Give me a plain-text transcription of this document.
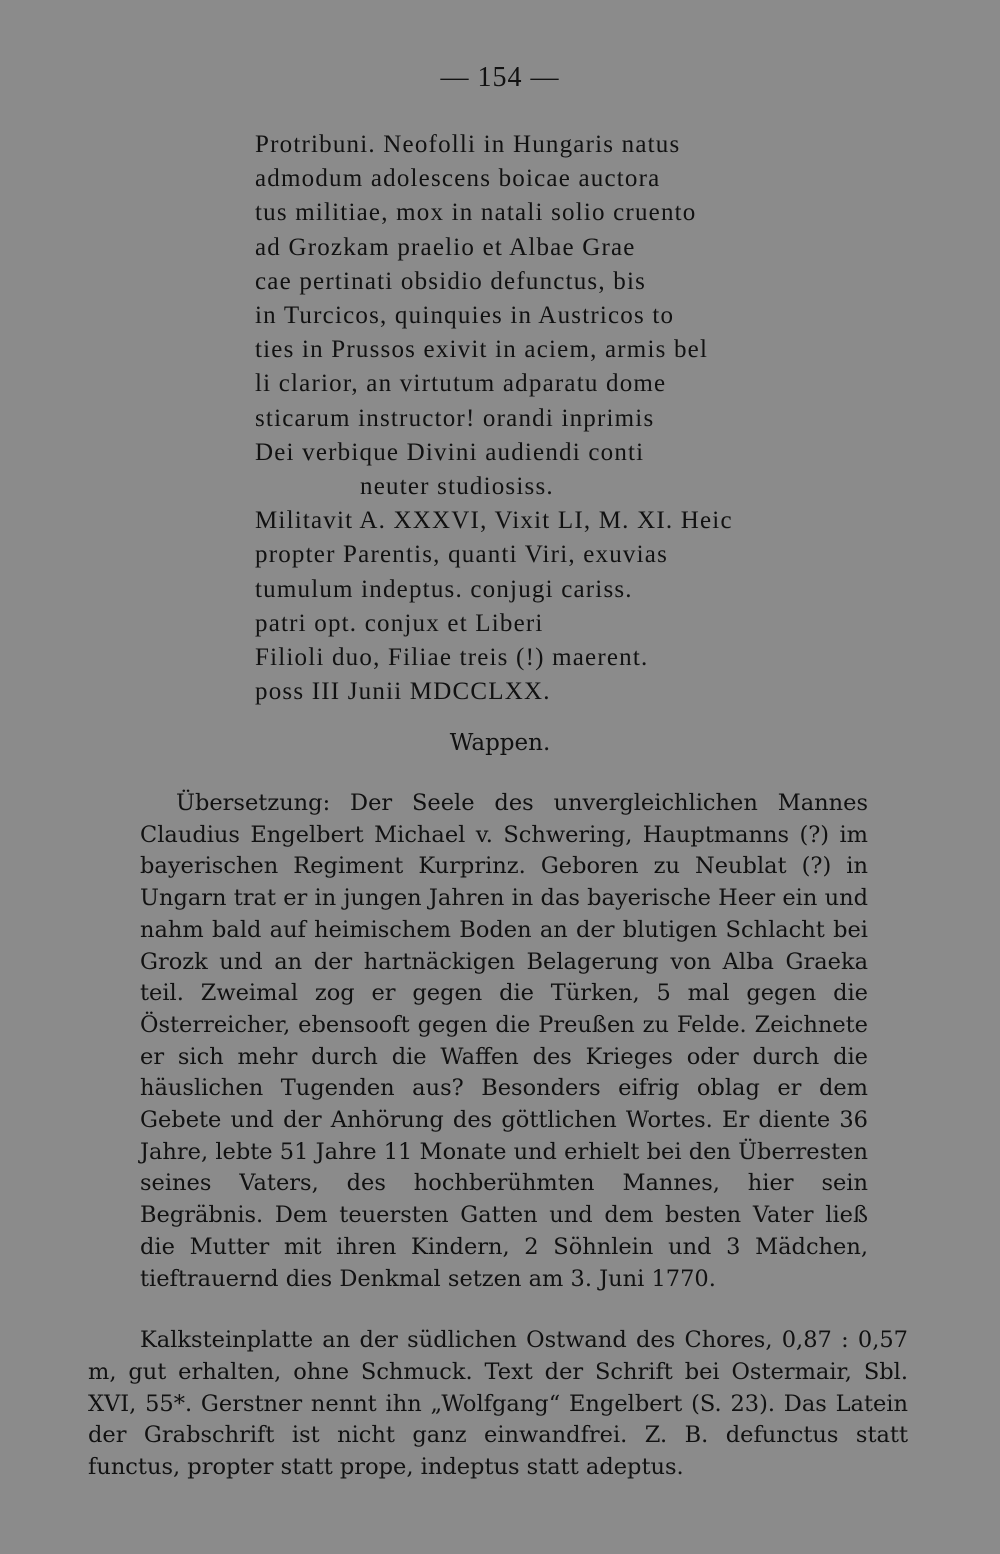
— 154 —
Protribuni. Neofolli in Hungaris natus
admodum adolescens boicae auctora
tus militiae, mox in natali solio cruento
ad Grozkam praelio et Albae Grae
cae pertinati obsidio defunctus, bis
in Turcicos, quinquies in Austricos to
ties in Prussos exivit in aciem, armis bel
li clarior, an virtutum adparatu dome
sticarum instructor! orandi inprimis
Dei verbique Divini audiendi conti
neuter studiosiss.
Militavit A. XXXVI, Vixit LI, M. XI. Heic
propter Parentis, quanti Viri, exuvias
tumulum indeptus. conjugi cariss.
patri opt. conjux et Liberi
Filioli duo, Filiae treis (!) maerent.
poss III Junii MDCCLXX.
Wappen.

Übersetzung: Der Seele des unvergleichlichen Mannes Claudius Engelbert Michael v. Schwering, Hauptmanns (?) im bayerischen Regiment Kurprinz. Geboren zu Neublat (?) in Ungarn trat er in jungen Jahren in das bayerische Heer ein und nahm bald auf heimischem Boden an der blutigen Schlacht bei Grozk und an der hartnäckigen Belagerung von Alba Graeka teil. Zweimal zog er gegen die Türken, 5 mal gegen die Österreicher, ebensooft gegen die Preußen zu Felde. Zeichnete er sich mehr durch die Waffen des Krieges oder durch die häuslichen Tugenden aus? Besonders eifrig oblag er dem Gebete und der Anhörung des göttlichen Wortes. Er diente 36 Jahre, lebte 51 Jahre 11 Monate und erhielt bei den Überresten seines Vaters, des hochberühmten Mannes, hier sein Begräbnis. Dem teuersten Gatten und dem besten Vater ließ die Mutter mit ihren Kindern, 2 Söhnlein und 3 Mädchen, tieftrauernd dies Denkmal setzen am 3. Juni 1770.

Kalksteinplatte an der südlichen Ostwand des Chores, 0,87 : 0,57 m, gut erhalten, ohne Schmuck. Text der Schrift bei Ostermair, Sbl. XVI, 55*. Gerstner nennt ihn „Wolfgang“ Engelbert (S. 23). Das Latein der Grabschrift ist nicht ganz einwandfrei. Z. B. defunctus statt functus, propter statt prope, indeptus statt adeptus.
